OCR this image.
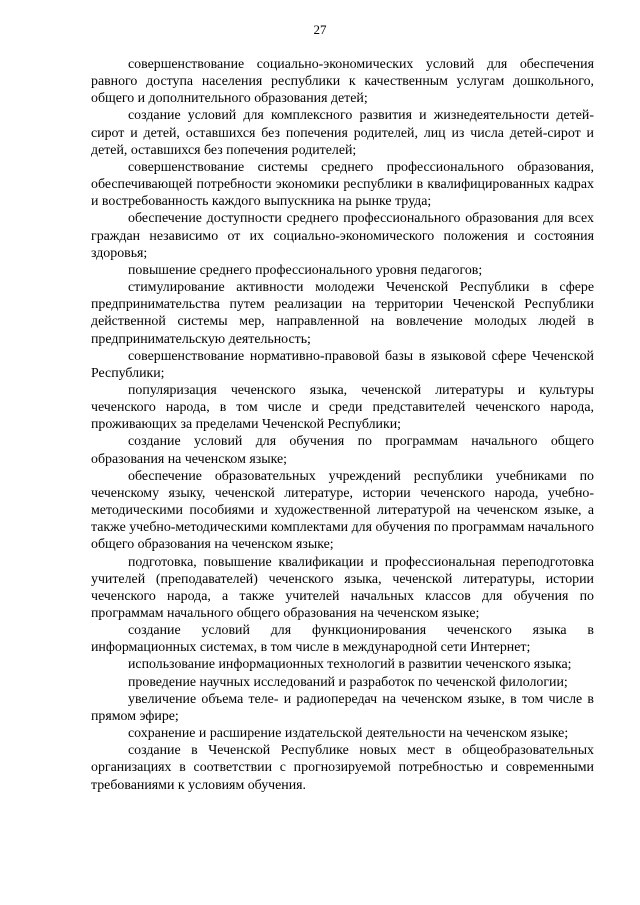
27

совершенствование социально-экономических условий для обеспечения равного доступа населения республики к качественным услугам дошкольного, общего и дополнительного образования детей;

создание условий для комплексного развития и жизнедеятельности детей-сирот и детей, оставшихся без попечения родителей, лиц из числа детей-сирот и детей, оставшихся без попечения родителей;

совершенствование системы среднего профессионального образования, обеспечивающей потребности экономики республики в квалифицированных кадрах и востребованность каждого выпускника на рынке труда;

обеспечение доступности среднего профессионального образования для всех граждан независимо от их социально-экономического положения и состояния здоровья;

повышение среднего профессионального уровня педагогов;

стимулирование активности молодежи Чеченской Республики в сфере предпринимательства путем реализации на территории Чеченской Республики действенной системы мер, направленной на вовлечение молодых людей в предпринимательскую деятельность;

совершенствование нормативно-правовой базы в языковой сфере Чеченской Республики;

популяризация чеченского языка, чеченской литературы и культуры чеченского народа, в том числе и среди представителей чеченского народа, проживающих за пределами Чеченской Республики;

создание условий для обучения по программам начального общего образования на чеченском языке;

обеспечение образовательных учреждений республики учебниками по чеченскому языку, чеченской литературе, истории чеченского народа, учебно-методическими пособиями и художественной литературой на чеченском языке, а также учебно-методическими комплектами для обучения по программам начального общего образования на чеченском языке;

подготовка, повышение квалификации и профессиональная переподготовка учителей (преподавателей) чеченского языка, чеченской литературы, истории чеченского народа, а также учителей начальных классов для обучения по программам начального общего образования на чеченском языке;

создание условий для функционирования чеченского языка в информационных системах, в том числе в международной сети Интернет;

использование информационных технологий в развитии чеченского языка;

проведение научных исследований и разработок по чеченской филологии;

увеличение объема теле- и радиопередач на чеченском языке, в том числе в прямом эфире;

сохранение и расширение издательской деятельности на чеченском языке;

создание в Чеченской Республике новых мест в общеобразовательных организациях в соответствии с прогнозируемой потребностью и современными требованиями к условиям обучения.
